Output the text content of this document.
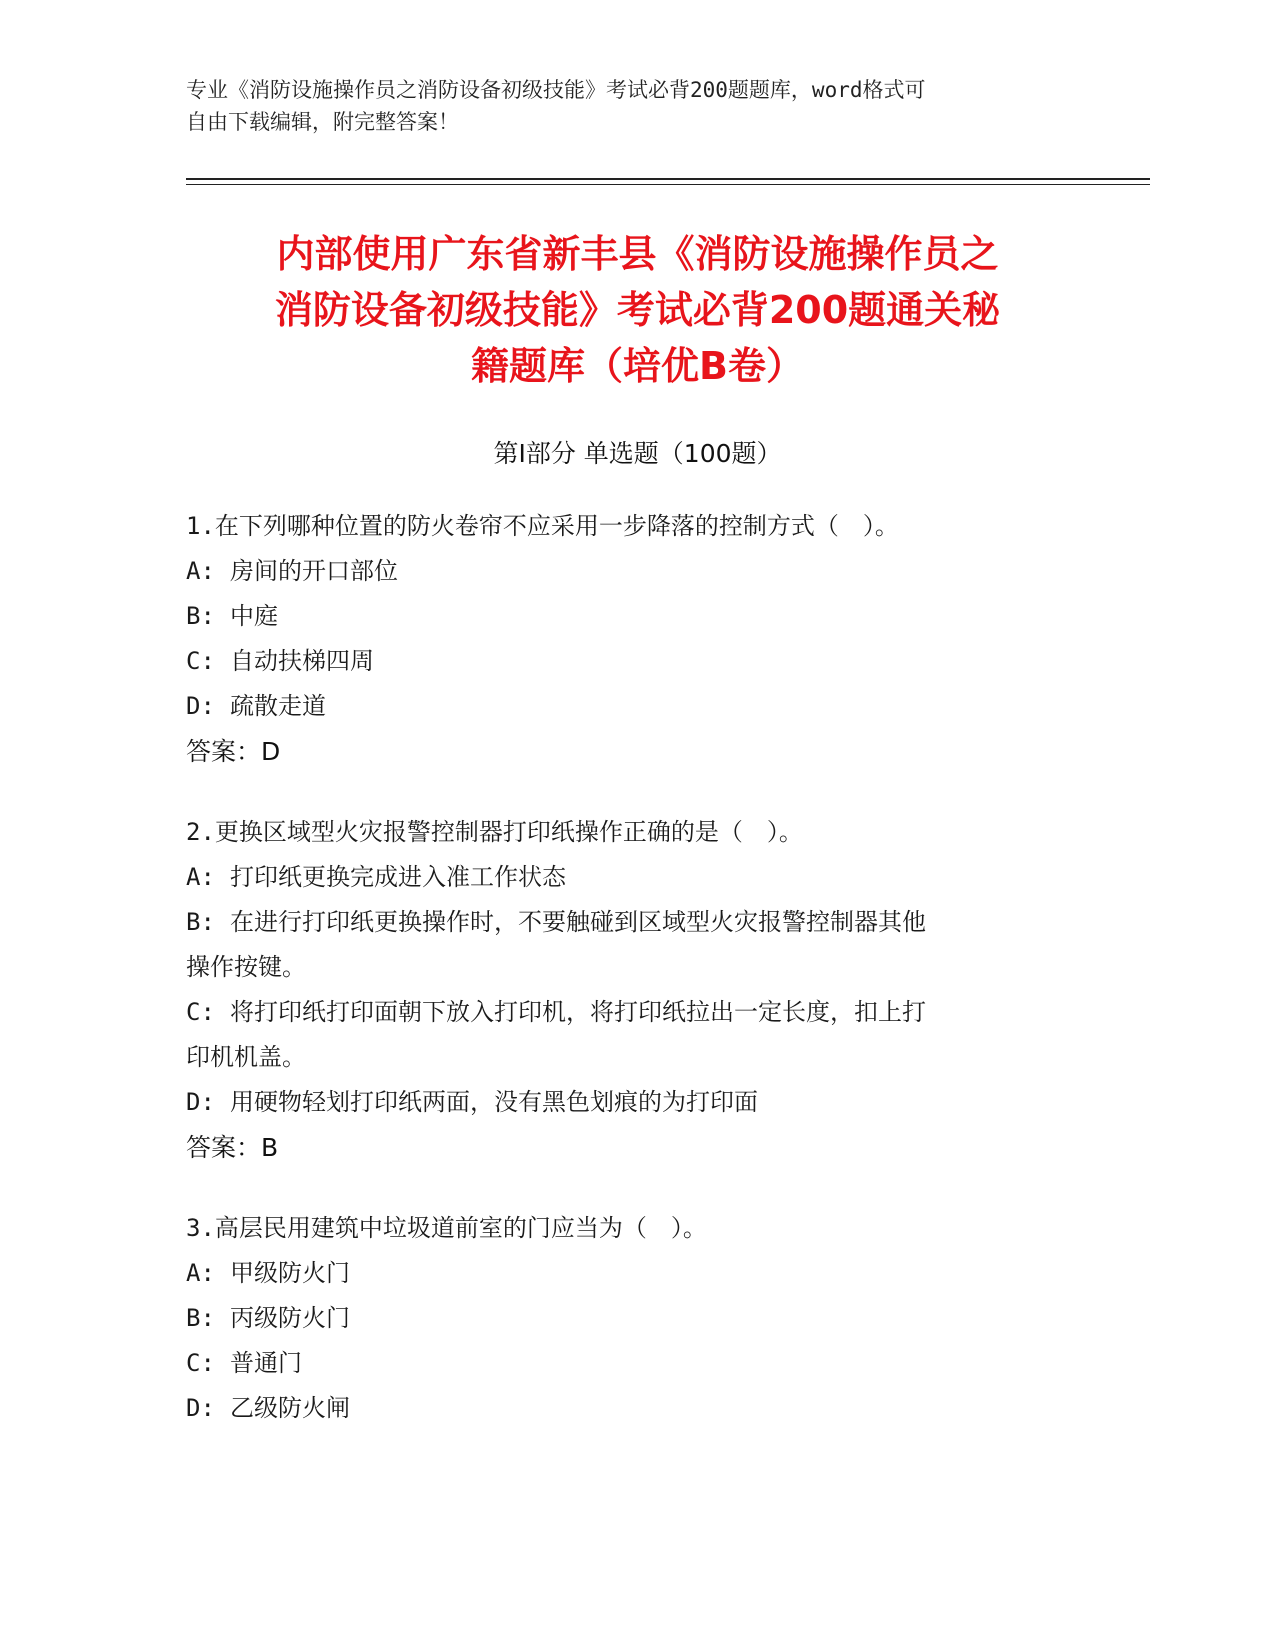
专业《消防设施操作员之消防设备初级技能》考试必背200题题库，word格式可
自由下载编辑，附完整答案！
内部使用广东省新丰县《消防设施操作员之
消防设备初级技能》考试必背200题通关秘
籍题库（培优B卷）
第Ⅰ部分 单选题（100题）
1.在下列哪种位置的防火卷帘不应采用一步降落的控制方式（　）。
A: 房间的开口部位
B: 中庭
C: 自动扶梯四周
D: 疏散走道
答案：D
2.更换区域型火灾报警控制器打印纸操作正确的是（　）。
A: 打印纸更换完成进入准工作状态
B: 在进行打印纸更换操作时，不要触碰到区域型火灾报警控制器其他
操作按键。
C: 将打印纸打印面朝下放入打印机，将打印纸拉出一定长度，扣上打
印机机盖。
D: 用硬物轻划打印纸两面，没有黑色划痕的为打印面
答案：B
3.高层民用建筑中垃圾道前室的门应当为（　）。
A: 甲级防火门
B: 丙级防火门
C: 普通门
D: 乙级防火闸
